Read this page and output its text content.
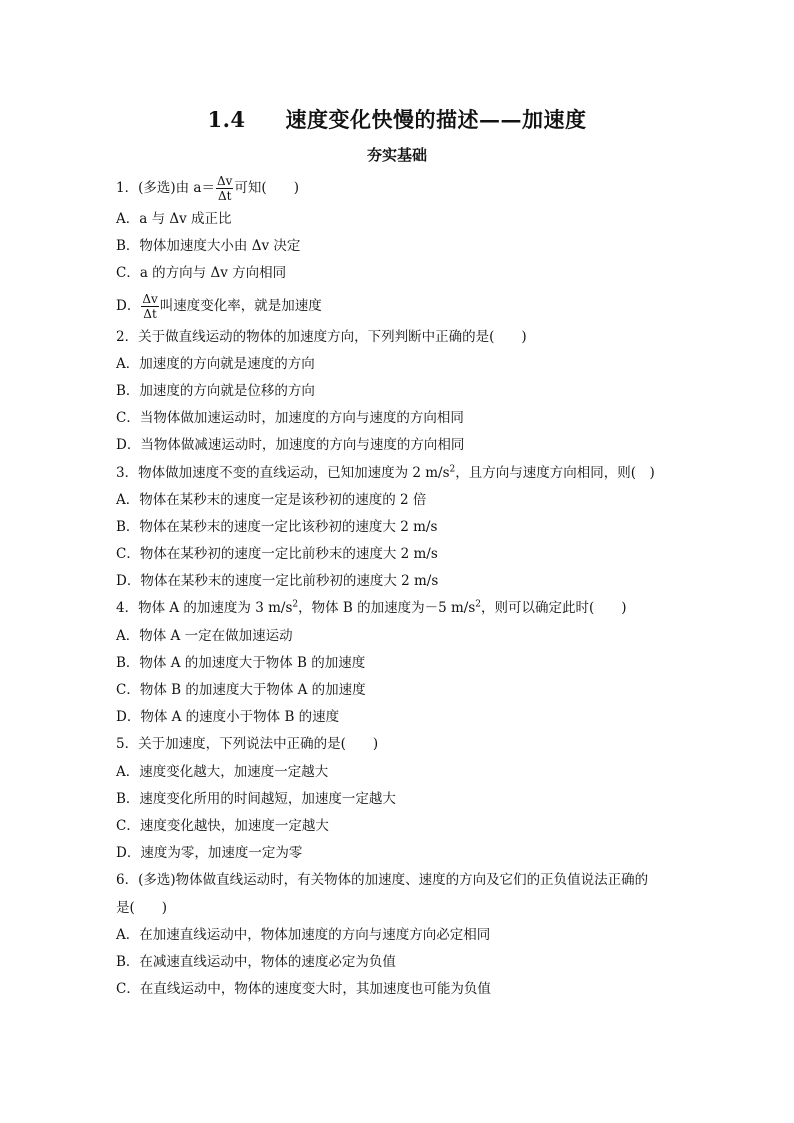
1.4 速度变化快慢的描述——加速度
夯实基础
1．(多选)由 $a= \frac{\Delta v}{\Delta t}$ 可知(　　)
A．a 与 Δv 成正比
B．物体加速度大小由 Δv 决定
C．a 的方向与 Δv 方向相同
D． $\frac{\Delta v}{\Delta t}$ 叫速度变化率，就是加速度
2．关于做直线运动的物体的加速度方向，下列判断中正确的是(　　)
A．加速度的方向就是速度的方向
B．加速度的方向就是位移的方向
C．当物体做加速运动时，加速度的方向与速度的方向相同
D．当物体做减速运动时，加速度的方向与速度的方向相同
3．物体做加速度不变的直线运动，已知加速度为 2 $m/s^2$，且方向与速度方向相同，则(　)
A．物体在某秒末的速度一定是该秒初的速度的 2 倍
B．物体在某秒末的速度一定比该秒初的速度大 2 m/s
C．物体在某秒初的速度一定比前秒末的速度大 2 m/s
D．物体在某秒末的速度一定比前秒初的速度大 2 m/s
4．物体 A 的加速度为 3 $m/s^2$，物体 B 的加速度为－5 $m/s^2$，则可以确定此时(　　)
A．物体 A 一定在做加速运动
B．物体 A 的加速度大于物体 B 的加速度
C．物体 B 的加速度大于物体 A 的加速度
D．物体 A 的速度小于物体 B 的速度
5．关于加速度，下列说法中正确的是(　　)
A．速度变化越大，加速度一定越大
B．速度变化所用的时间越短，加速度一定越大
C．速度变化越快，加速度一定越大
D．速度为零，加速度一定为零
6．(多选)物体做直线运动时，有关物体的加速度、速度的方向及它们的正负值说法正确的
是(　　)
A．在加速直线运动中，物体加速度的方向与速度方向必定相同
B．在减速直线运动中，物体的速度必定为负值
C．在直线运动中，物体的速度变大时，其加速度也可能为负值
